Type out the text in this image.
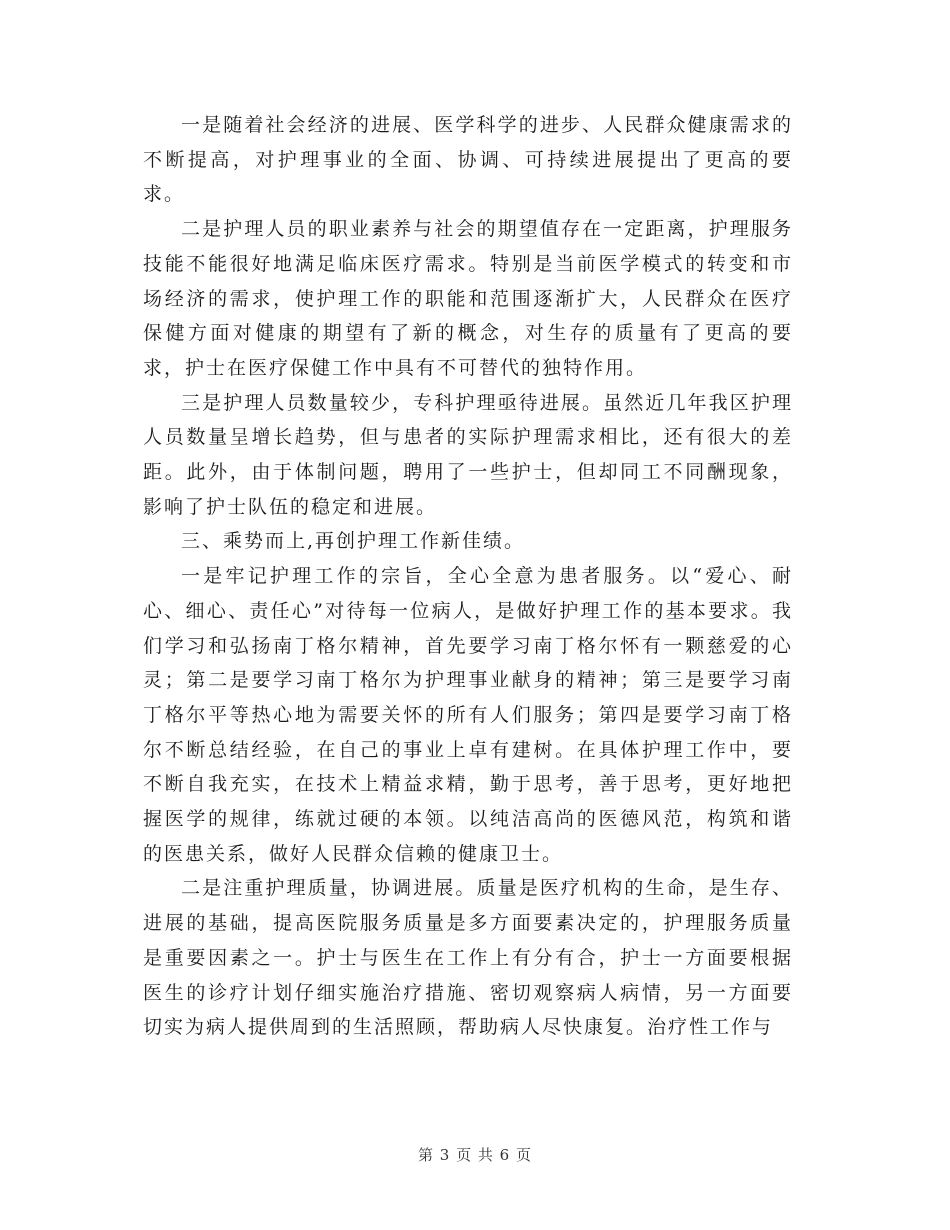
一是随着社会经济的进展、医学科学的进步、人民群众健康需求的不断提高，对护理事业的全面、协调、可持续进展提出了更高的要求。

二是护理人员的职业素养与社会的期望值存在一定距离，护理服务技能不能很好地满足临床医疗需求。特别是当前医学模式的转变和市场经济的需求，使护理工作的职能和范围逐渐扩大，人民群众在医疗保健方面对健康的期望有了新的概念，对生存的质量有了更高的要求，护士在医疗保健工作中具有不可替代的独特作用。

三是护理人员数量较少，专科护理亟待进展。虽然近几年我区护理人员数量呈增长趋势，但与患者的实际护理需求相比，还有很大的差距。此外，由于体制问题，聘用了一些护士，但却同工不同酬现象，影响了护士队伍的稳定和进展。

三、乘势而上,再创护理工作新佳绩。

一是牢记护理工作的宗旨，全心全意为患者服务。以“爱心、耐心、细心、责任心”对待每一位病人，是做好护理工作的基本要求。我们学习和弘扬南丁格尔精神，首先要学习南丁格尔怀有一颗慈爱的心灵；第二是要学习南丁格尔为护理事业献身的精神；第三是要学习南丁格尔平等热心地为需要关怀的所有人们服务；第四是要学习南丁格尔不断总结经验，在自己的事业上卓有建树。在具体护理工作中，要不断自我充实，在技术上精益求精，勤于思考，善于思考，更好地把握医学的规律，练就过硬的本领。以纯洁高尚的医德风范，构筑和谐的医患关系，做好人民群众信赖的健康卫士。

二是注重护理质量，协调进展。质量是医疗机构的生命，是生存、进展的基础，提高医院服务质量是多方面要素决定的，护理服务质量是重要因素之一。护士与医生在工作上有分有合，护士一方面要根据医生的诊疗计划仔细实施治疗措施、密切观察病人病情，另一方面要切实为病人提供周到的生活照顾，帮助病人尽快康复。治疗性工作与

第 3 页 共 6 页
